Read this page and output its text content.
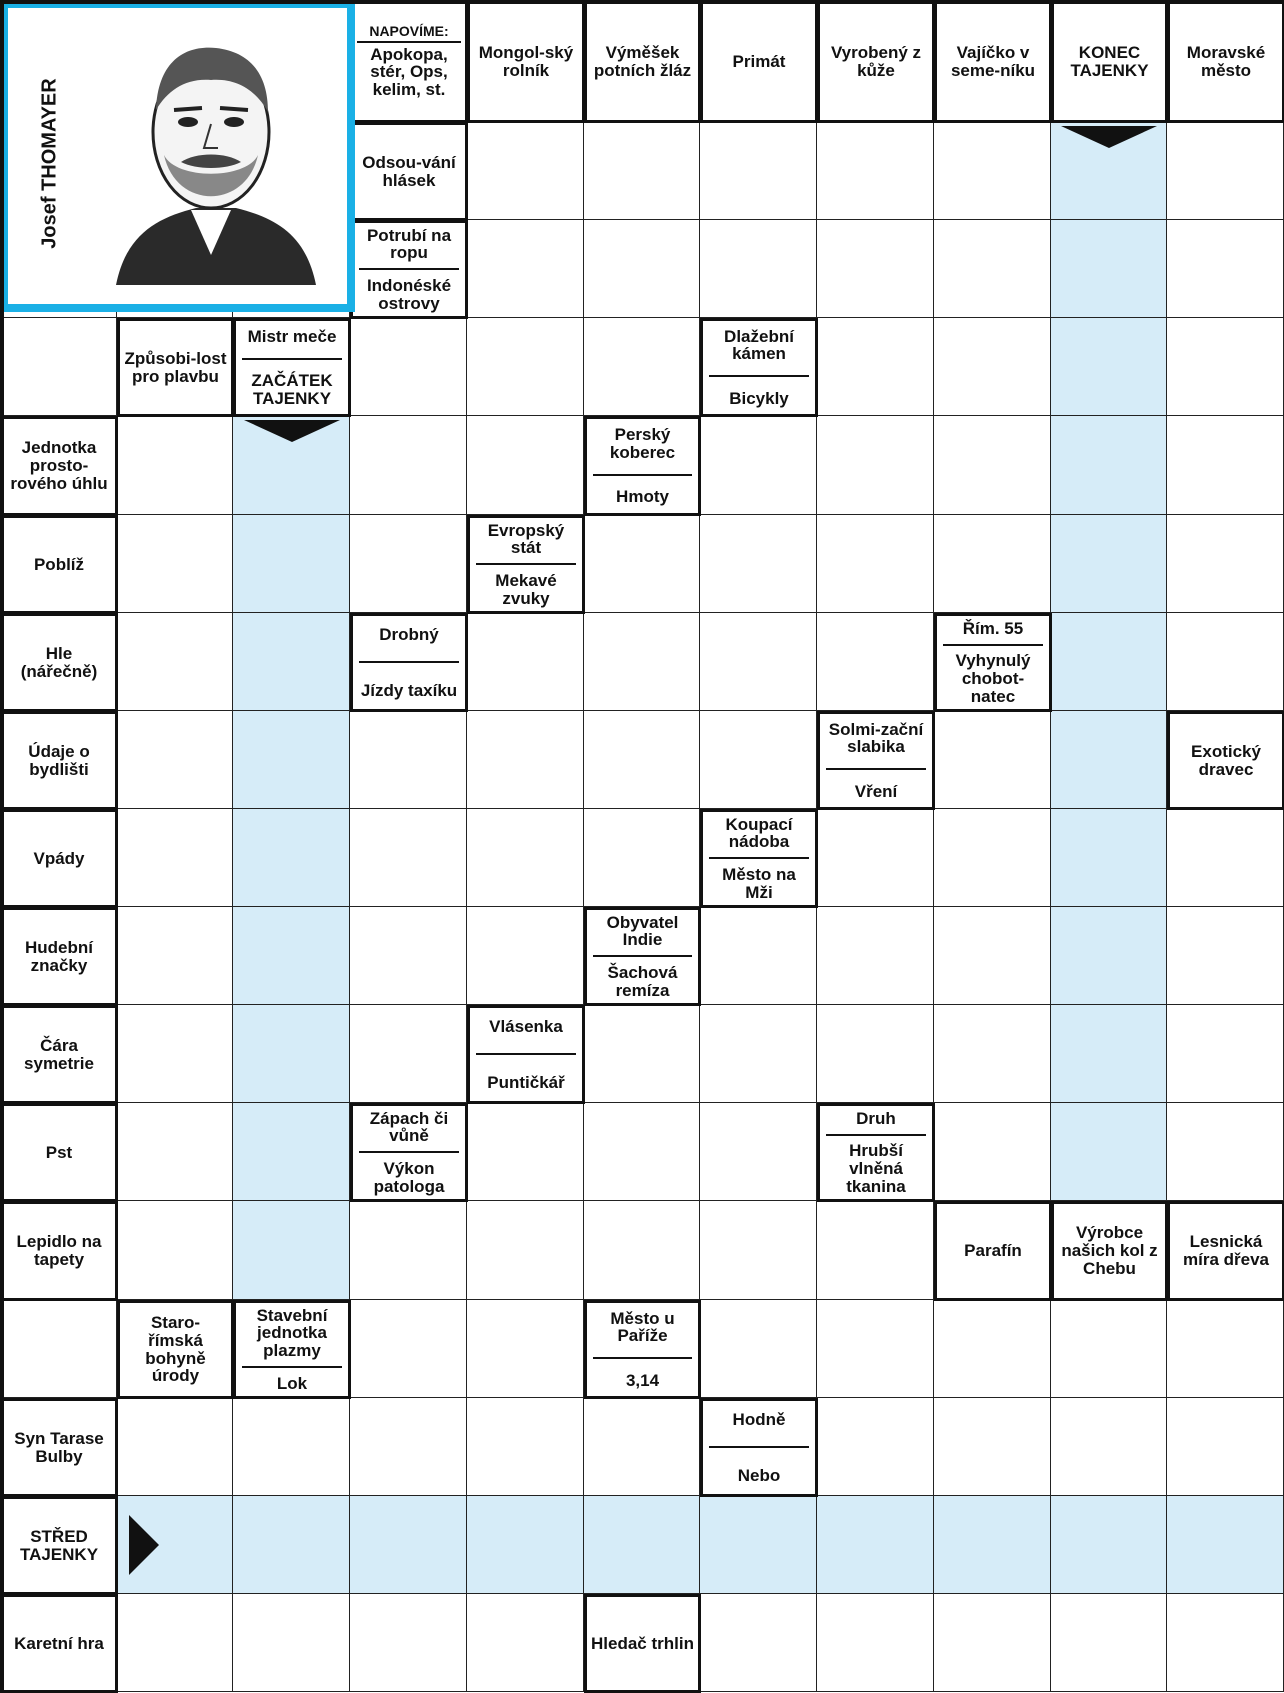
NAPOVÍME:
Apokopa, stér, Ops, kelim, st.
Mongol-ský rolník
Výměšek potních žláz	Primát	Vyrobený z kůže
Vajíčko v seme-níku
KONEC TAJENKY
Moravské město
Odsou-vání hlásek
Potrubí na ropu
Indonéské ostrovy
Způsobi-lost pro plavbu
Mistr meče
ZAČÁTEK TAJENKY
Dlažební kámen
Bicykly
Jednotka prosto-rového úhlu
Perský koberec
Hmoty
Poblíž
Evropský stát
Mekavé zvuky
Hle (nářečně)
Drobný
Jízdy taxíku
Řím. 55
Vyhynulý chobot-natec
Údaje o bydlišti
Solmi-zační slabika
Vření
Exotický dravec
Vpády
Koupací nádoba
Město na Mži
Hudební značky
Obyvatel Indie
Šachová remíza
Čára symetrie
Vlásenka
Puntičkář
Pst
Zápach či vůně
Výkon patologa
Druh
Hrubší vlněná tkanina
Lepidlo na tapety	Parafín
Výrobce našich kol z Chebu
Lesnická míra dřeva
Staro-římská bohyně úrody
Stavební jednotka plazmy
Lok
Město u Paříže
3,14
Syn Tarase Bulby
Hodně
Nebo
STŘED TAJENKY
Karetní hra	Hledač trhlin
Josef THOMAYER
